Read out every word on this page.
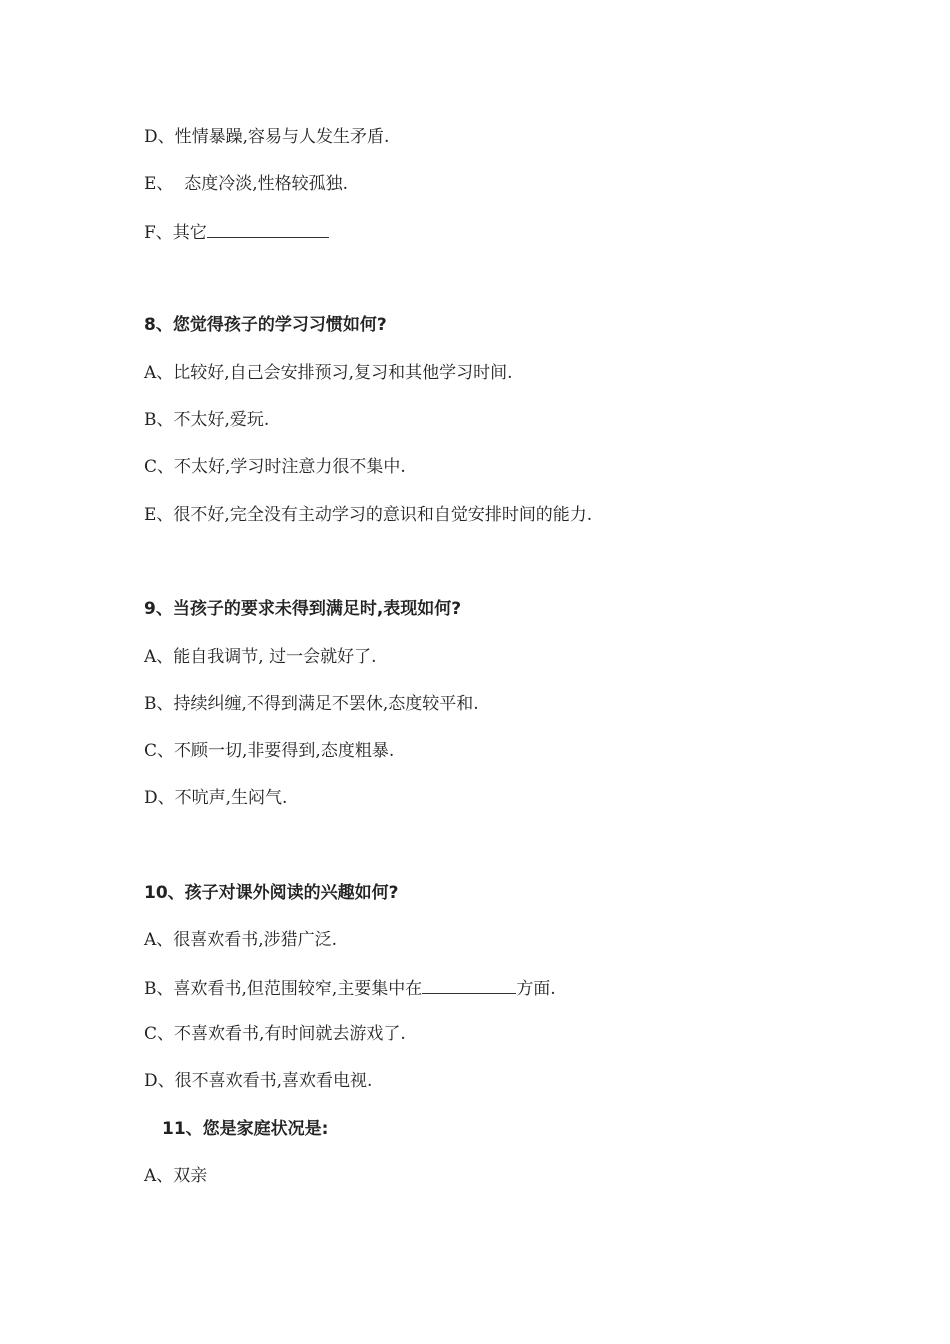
D、性情暴躁,容易与人发生矛盾.

E、  态度冷淡,性格较孤独.

F、其它

8、您觉得孩子的学习习惯如何?

A、比较好,自己会安排预习,复习和其他学习时间.

B、不太好,爱玩.

C、不太好,学习时注意力很不集中.

E、很不好,完全没有主动学习的意识和自觉安排时间的能力.

9、当孩子的要求未得到满足时,表现如何?

A、能自我调节, 过一会就好了.

B、持续纠缠,不得到满足不罢休,态度较平和.

C、不顾一切,非要得到,态度粗暴.

D、不吭声,生闷气.

10、孩子对课外阅读的兴趣如何?

A、很喜欢看书,涉猎广泛.

B、喜欢看书,但范围较窄,主要集中在	方面.

C、不喜欢看书,有时间就去游戏了.

D、很不喜欢看书,喜欢看电视.

11、您是家庭状况是:

A、双亲
